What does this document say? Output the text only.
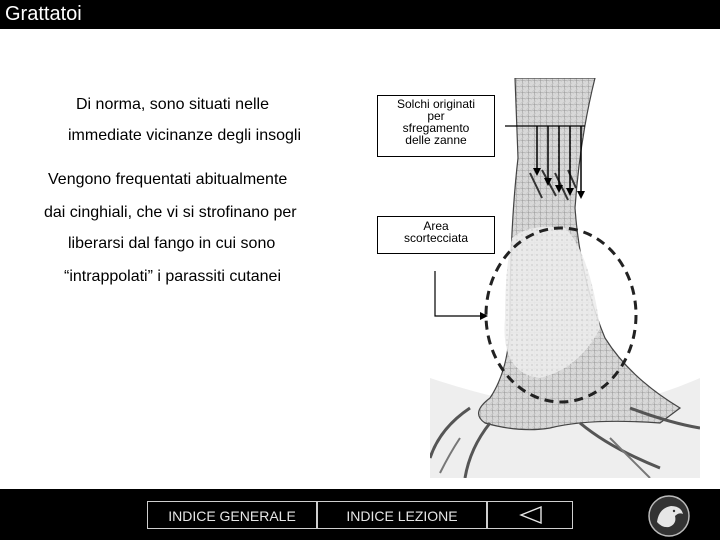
Grattatoi
Di norma, sono situati nelle
immediate vicinanze degli insogli
Vengono frequentati abitualmente
dai cinghiali, che vi si strofinano per
liberarsi dal fango in cui sono
“intrappolati” i parassiti cutanei
Solchi originati
per
sfregamento
delle zanne
Area
scortecciata
INDICE GENERALE	INDICE LEZIONE
